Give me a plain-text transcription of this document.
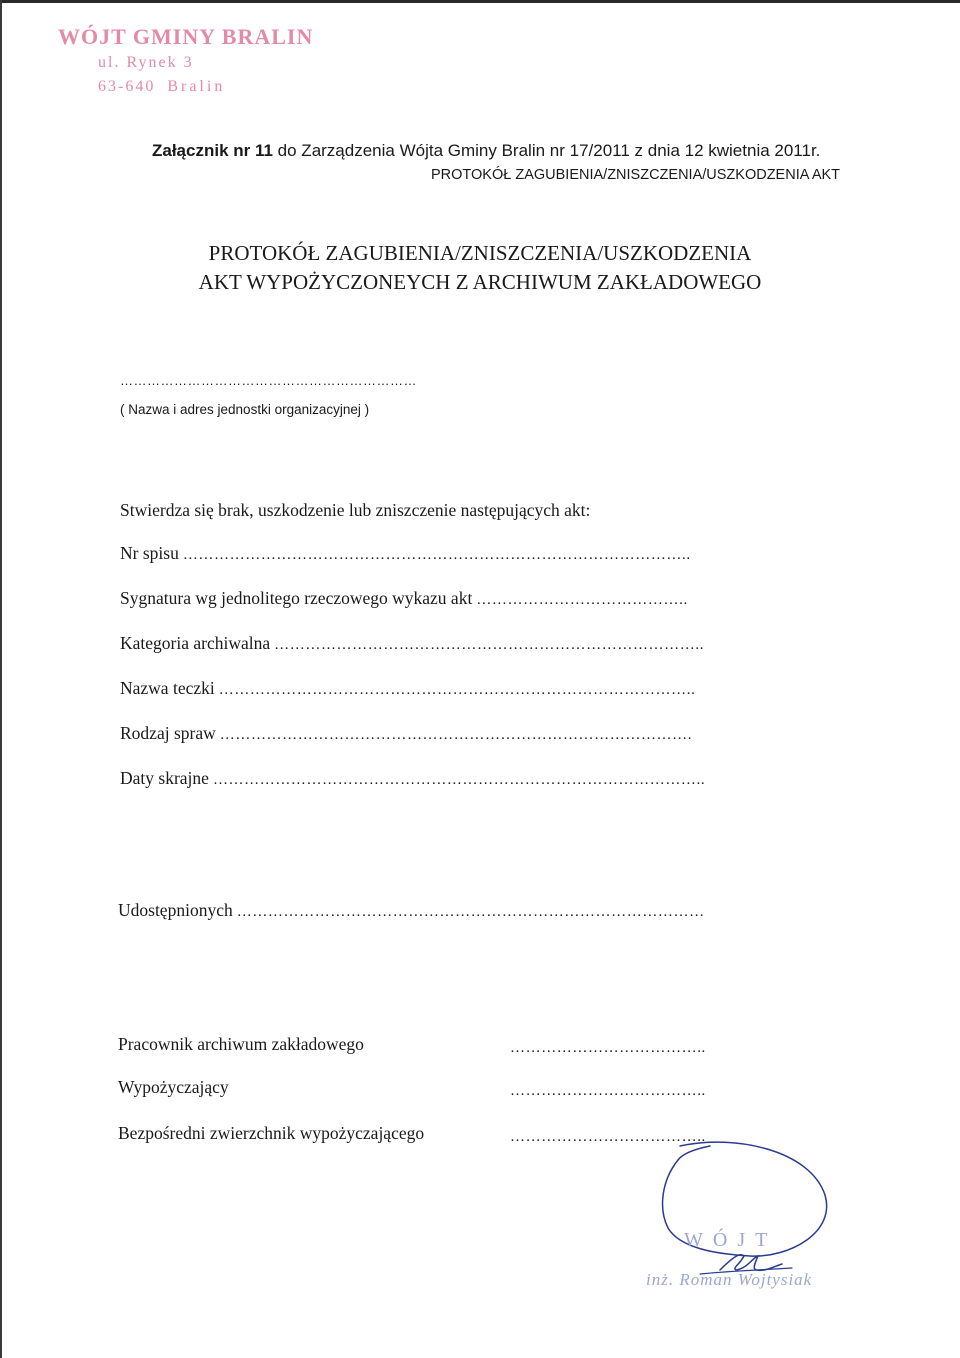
WÓJT GMINY BRALIN
ul. Rynek 3
63-640 Bralin
Załącznik nr 11 do Zarządzenia Wójta Gminy Bralin nr 17/2011 z dnia 12 kwietnia 2011r.
PROTOKÓŁ ZAGUBIENIA/ZNISZCZENIA/USZKODZENIA AKT
PROTOKÓŁ ZAGUBIENIA/ZNISZCZENIA/USZKODZENIA
AKT WYPOŻYCZONEYCH Z ARCHIWUM ZAKŁADOWEGO
…………………………………………………………
( Nazwa i adres jednostki organizacyjnej )
Stwierdza się brak, uszkodzenie lub zniszczenie następujących akt:
Nr spisu ……………………………………………………………………………………..
Sygnatura wg jednolitego rzeczowego wykazu akt …………………………………..
Kategoria archiwalna ………………………………………………………………………..
Nazwa teczki ………………………………………………………………………………..
Rodzaj spraw ……………………………………………………………………………….
Daty skrajne …………………………………………………………………………………..
Udostępnionych ………………………………………………………………………………
Pracownik archiwum zakładowego	………………………………..
Wypożyczający	………………………………..
Bezpośredni zwierzchnik wypożyczającego	………………………………..
WÓJT
inż. Roman Wojtysiak
